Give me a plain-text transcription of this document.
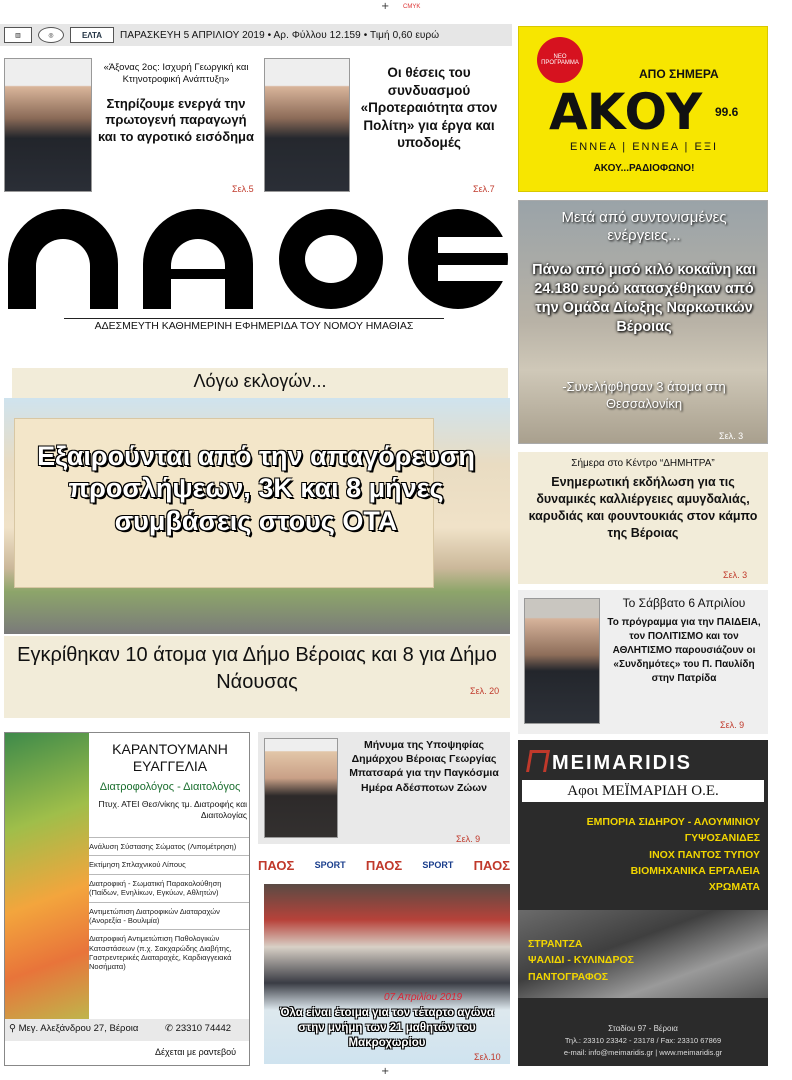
+ CMYK
+
▥	◎	ΕΛΤΑ	ΠΑΡΑΣΚΕΥΗ 5 ΑΠΡΙΛΙΟΥ 2019 • Αρ. Φύλλου 12.159 • Τιμή 0,60 ευρώ
«Άξονας 2ος: Ισχυρή Γεωργική και Κτηνοτροφική Ανάπτυξη»
Στηρίζουμε ενεργά την πρωτογενή παραγωγή και το αγροτικό εισόδημα
Σελ.5
Οι θέσεις του συνδυασμού «Προτεραιότητα στον Πολίτη» για έργα και υποδομές
Σελ.7
ΝΕΟ ΠΡΟΓΡΑΜΜΑ
ΑΠΟ ΣΗΜΕΡΑ
ΑΚΟΥ 99.6
ΕΝΝΕΑ | ΕΝΝΕΑ | ΕΞΙ
ΑΚΟΥ...ΡΑΔΙΟΦΩΝΟ!
ΑΔΕΣΜΕΥΤΗ ΚΑΘΗΜΕΡΙΝΗ ΕΦΗΜΕΡΙΔΑ ΤΟΥ ΝΟΜΟΥ ΗΜΑΘΙΑΣ
Μετά από συντονισμένες ενέργειες...
Πάνω από μισό κιλό κοκαΐνη και 24.180 ευρώ κατασχέθηκαν από την Ομάδα Δίωξης Ναρκωτικών Βέροιας
-Συνελήφθησαν 3 άτομα στη Θεσσαλονίκη
Σελ. 3
Λόγω εκλογών...
Εξαιρούνται από την απαγόρευση προσλήψεων, 3Κ και 8 μήνες συμβάσεις στους ΟΤΑ
Εγκρίθηκαν 10 άτομα για Δήμο Βέροιας και 8 για Δήμο Νάουσας	Σελ. 20
Σήμερα στο Κέντρο “ΔΗΜΗΤΡΑ”
Ενημερωτική εκδήλωση για τις δυναμικές καλλιέργειες αμυγδαλιάς, καρυδιάς και φουντουκιάς στον κάμπο της Βέροιας
Σελ. 3
Το Σάββατο 6 Απριλίου
Το πρόγραμμα για την ΠΑΙΔΕΙΑ, τον ΠΟΛΙΤΙΣΜΟ και τον ΑΘΛΗΤΙΣΜΟ παρουσιάζουν οι «Συνδημότες» του Π. Παυλίδη στην Πατρίδα
Σελ. 9
ΚΑΡΑΝΤΟΥΜΑΝΗ ΕΥΑΓΓΕΛΙΑ
Διατροφολόγος - Διαιτολόγος
Πτυχ. ΑΤΕΙ Θεσ/νίκης τμ. Διατροφής και Διαιτολογίας
Ανάλυση Σύστασης Σώματος (Λιπομέτρηση)
Εκτίμηση Σπλαχνικού Λίπους
Διατροφική - Σωματική Παρακολούθηση (Παίδων, Ενηλίκων, Εγκύων, Αθλητών)
Αντιμετώπιση Διατροφικών Διαταραχών (Ανορεξία - Βουλιμία)
Διατροφική Αντιμετώπιση Παθολογικών Καταστάσεων (π.χ. Σακχαρώδης Διαβήτης, Γαστρεντερικές Διαταραχές, Καρδιαγγειακά Νοσήματα)
⚲ Μεγ. Αλεξάνδρου 27, Βέροια	✆ 23310 74442
Δέχεται με ραντεβού
Μήνυμα της Υποψηφίας Δημάρχου Βέροιας Γεωργίας Μπατσαρά για την Παγκόσμια Ημέρα Αδέσποτων Ζώων
Σελ. 9
ΠΑΟΣ SPORT ΠΑΟΣ SPORT ΠΑΟΣ
07 Απριλίου 2019
Όλα είναι έτοιμα για τον τέταρτο αγώνα στην μνήμη των 21 μαθητών του Μακροχωρίου
Σελ.10
MEIMARIDIS
Αφοι ΜΕΪΜΑΡΙΔΗ Ο.Ε.
ΕΜΠΟΡΙΑ ΣΙΔΗΡΟΥ - ΑΛΟΥΜΙΝΙΟΥ
ΓΥΨΟΣΑΝΙΔΕΣ
ΙΝΟΧ ΠΑΝΤΟΣ ΤΥΠΟΥ
ΒΙΟΜΗΧΑΝΙΚΑ ΕΡΓΑΛΕΙΑ
ΧΡΩΜΑΤΑ
ΣΤΡΑΝΤΖΑ
ΨΑΛΙΔΙ - ΚΥΛΙΝΔΡΟΣ
ΠΑΝΤΟΓΡΑΦΟΣ
Σταδίου 97 - Βέροια
Τηλ.: 23310 23342 - 23178 / Fax: 23310 67869
e-mail: info@meimaridis.gr | www.meimaridis.gr
